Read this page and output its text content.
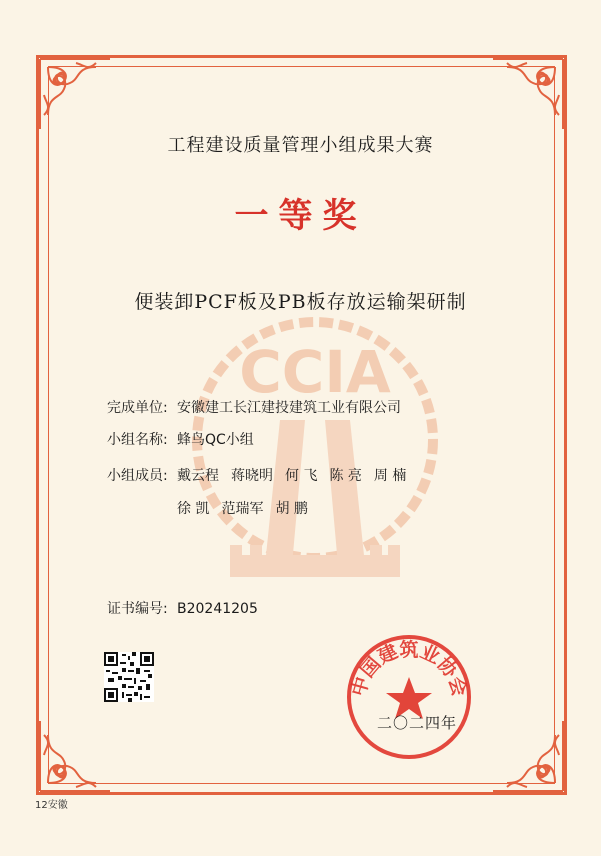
CCIA
工程建设质量管理小组成果大赛
一等奖
便装卸PCF板及PB板存放运输架研制
完成单位: 安徽建工长江建投建筑工业有限公司
小组名称: 蜂鸟QC小组
小组成员: 戴云程 蒋晓明 何 飞 陈 亮 周 楠
徐 凯 范瑞军 胡 鹏
证书编号: B20241205
中国建筑业协会
二〇二四年
12安徽
